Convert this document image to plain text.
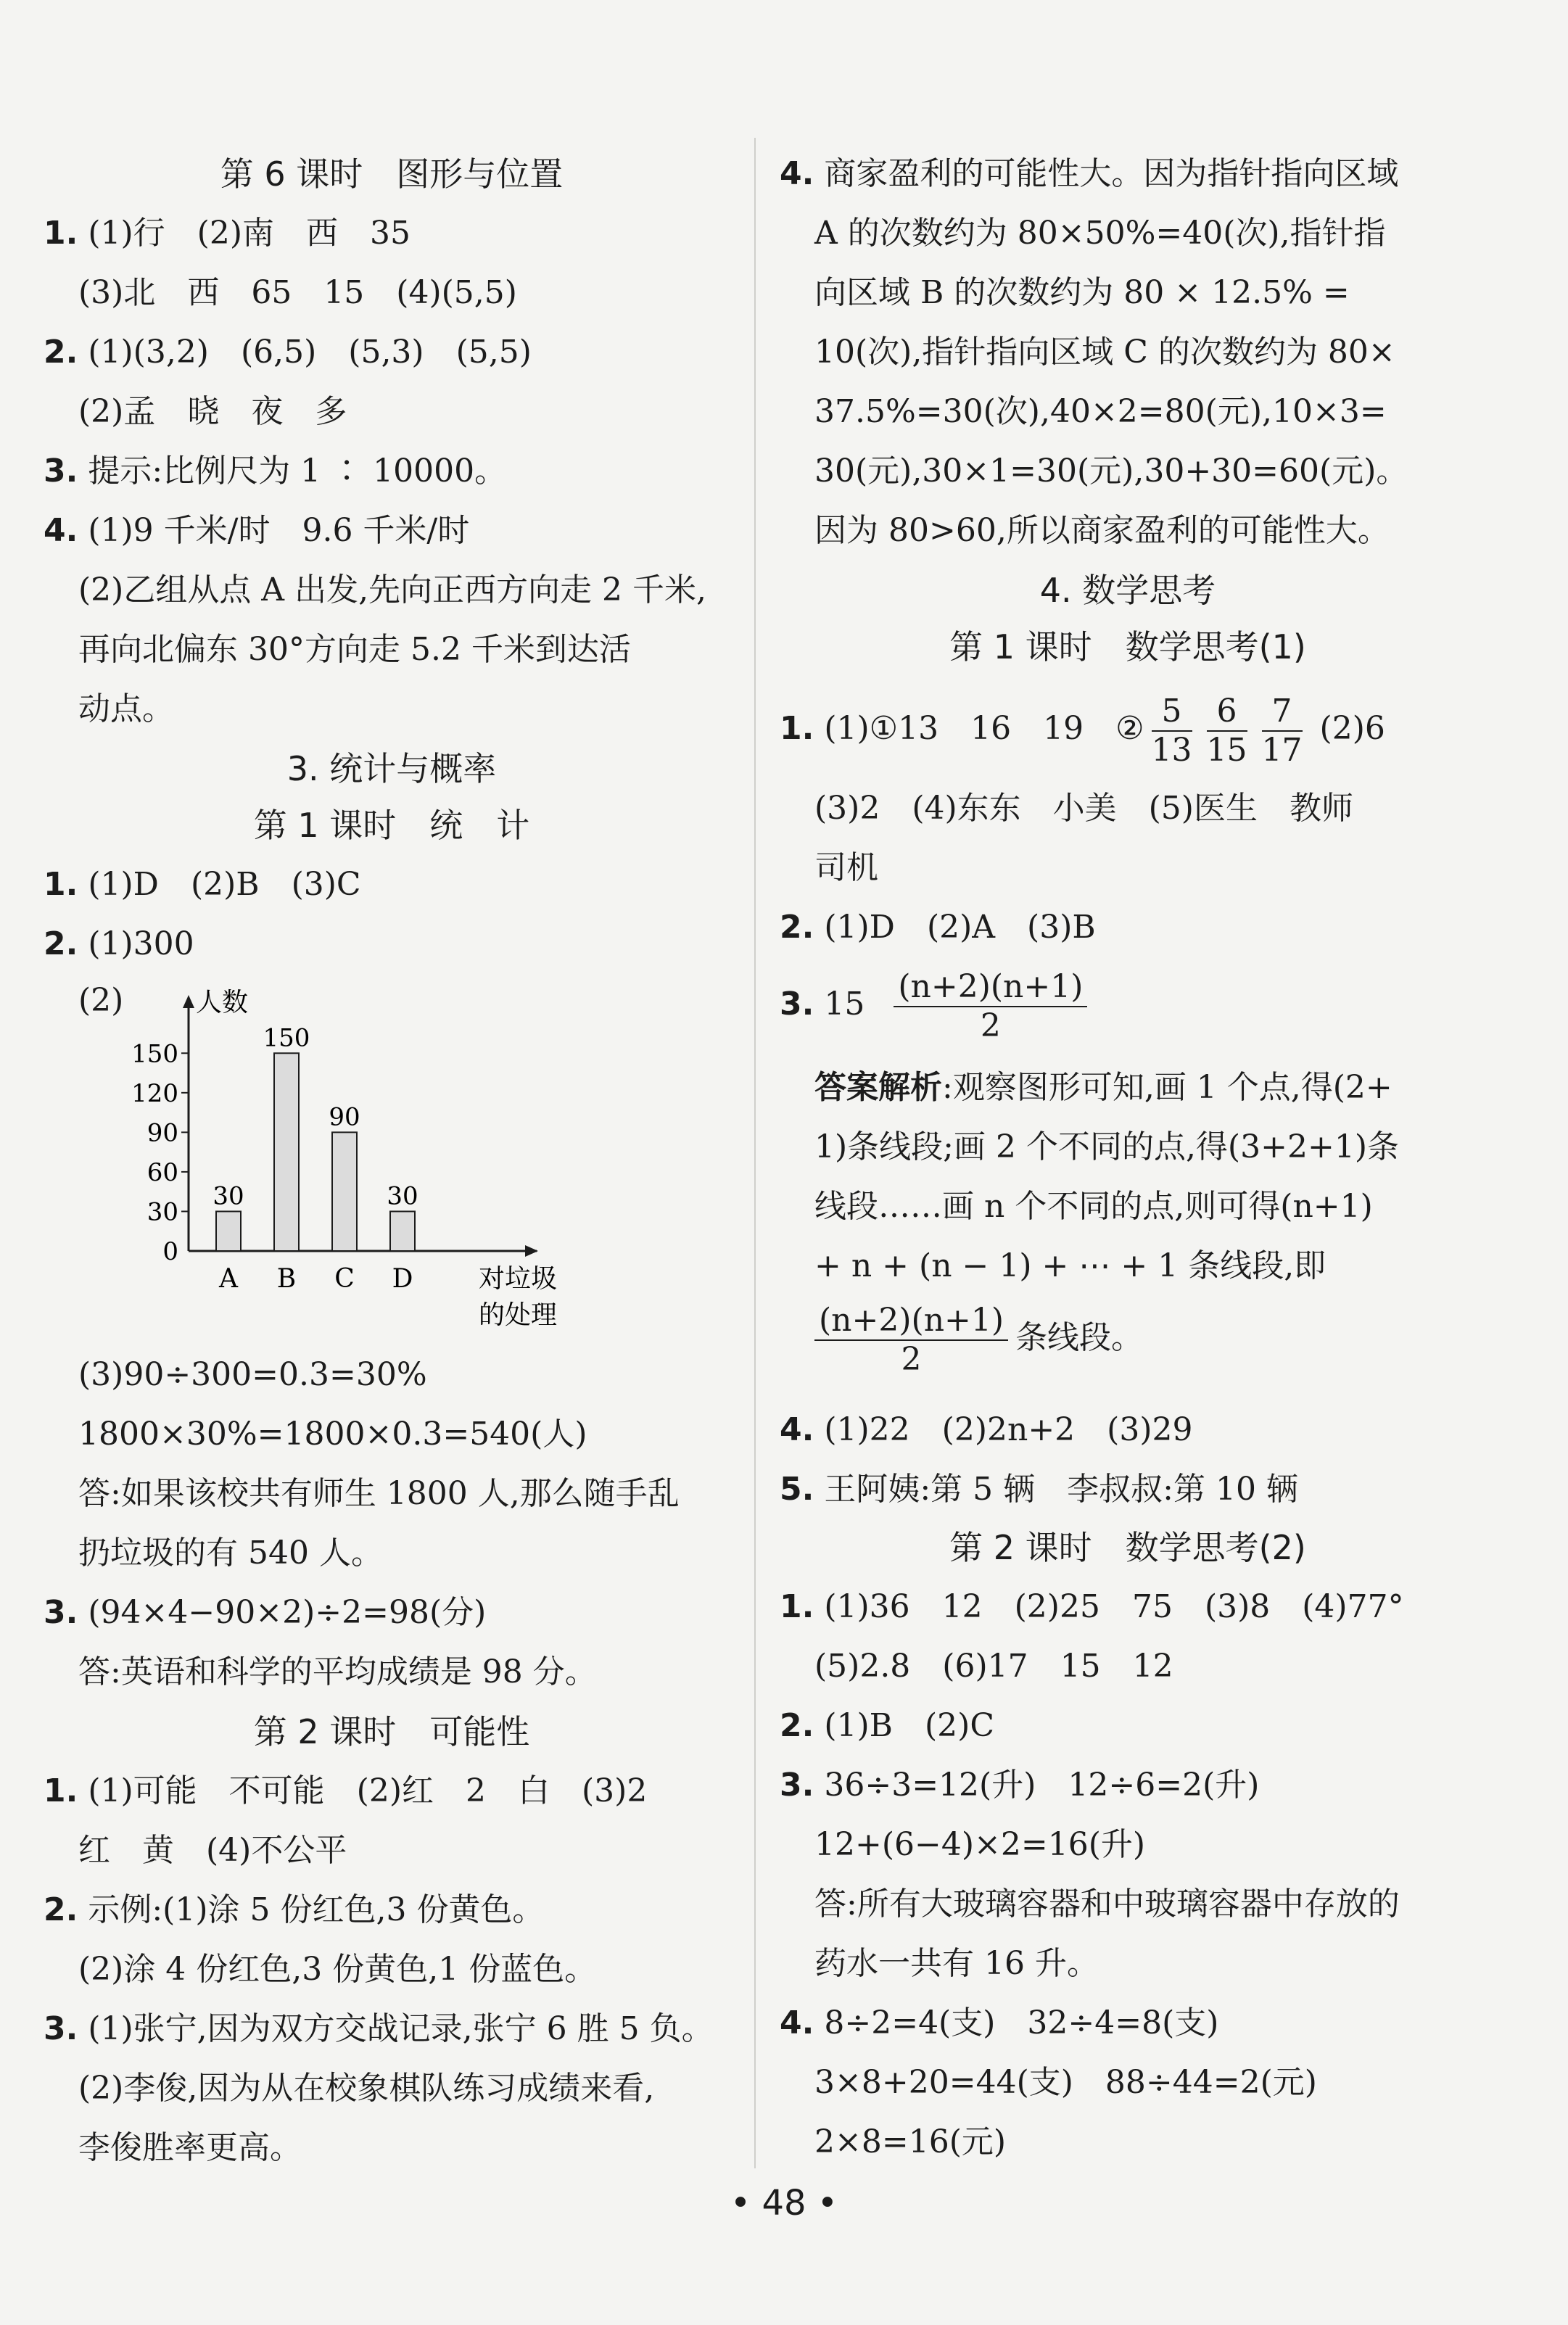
第 6 课时　图形与位置
1. (1)行　(2)南　西　35
(3)北　西　65　15　(4)(5,5)
2. (1)(3,2)　(6,5)　(5,3)　(5,5)
(2)孟　晓　夜　多
3. 提示:比例尺为 1 ∶ 10000。
4. (1)9 千米/时　9.6 千米/时
(2)乙组从点 A 出发,先向正西方向走 2 千米,
再向北偏东 30°方向走 5.2 千米到达活
动点。
3. 统计与概率
第 1 课时　统　计
1. (1)D　(2)B　(3)C
2. (1)300
(2)
(3)90÷300=0.3=30%
1800×30%=1800×0.3=540(人)
答:如果该校共有师生 1800 人,那么随手乱
扔垃圾的有 540 人。
3. (94×4−90×2)÷2=98(分)
答:英语和科学的平均成绩是 98 分。
第 2 课时　可能性
1. (1)可能　不可能　(2)红　2　白　(3)2
红　黄　(4)不公平
2. 示例:(1)涂 5 份红色,3 份黄色。
(2)涂 4 份红色,3 份黄色,1 份蓝色。
3. (1)张宁,因为双方交战记录,张宁 6 胜 5 负。
(2)李俊,因为从在校象棋队练习成绩来看,
李俊胜率更高。
人数
对垃圾
的处理
0
30
60
90
120
150
30
A
150
B
90
C
30
D
4. 商家盈利的可能性大。因为指针指向区域
A 的次数约为 80×50%=40(次),指针指
向区域 B 的次数约为 80 × 12.5% =
10(次),指针指向区域 C 的次数约为 80×
37.5%=30(次),40×2=80(元),10×3=
30(元),30×1=30(元),30+30=60(元)。
因为 80>60,所以商家盈利的可能性大。
4. 数学思考
第 1 课时　数学思考(1)
1. (1)①13　16　19　② $\frac{5}{13} \frac{6}{15} \frac{7}{17} (2)6$
(3)2　(4)东东　小美　(5)医生　教师
司机
2. (1)D　(2)A　(3)B
3. $15 \frac{(n+2)(n+1)}{2}$
答案解析:观察图形可知,画 1 个点,得(2+
1)条线段;画 2 个不同的点,得(3+2+1)条
线段……画 n 个不同的点,则可得(n+1)
+ n + (n − 1) + ⋯ + 1 条线段,即
$\frac{(n+2)(n+1)}{2}$ 条线段。
4. (1)22　(2)2n+2　(3)29
5. 王阿姨:第 5 辆　李叔叔:第 10 辆
第 2 课时　数学思考(2)
1. (1)36　12　(2)25　75　(3)8　(4)77°
(5)2.8　(6)17　15　12
2. (1)B　(2)C
3. 36÷3=12(升)　12÷6=2(升)
12+(6−4)×2=16(升)
答:所有大玻璃容器和中玻璃容器中存放的
药水一共有 16 升。
4. 8÷2=4(支)　32÷4=8(支)
3×8+20=44(支)　88÷44=2(元)
2×8=16(元)
• 48 •
